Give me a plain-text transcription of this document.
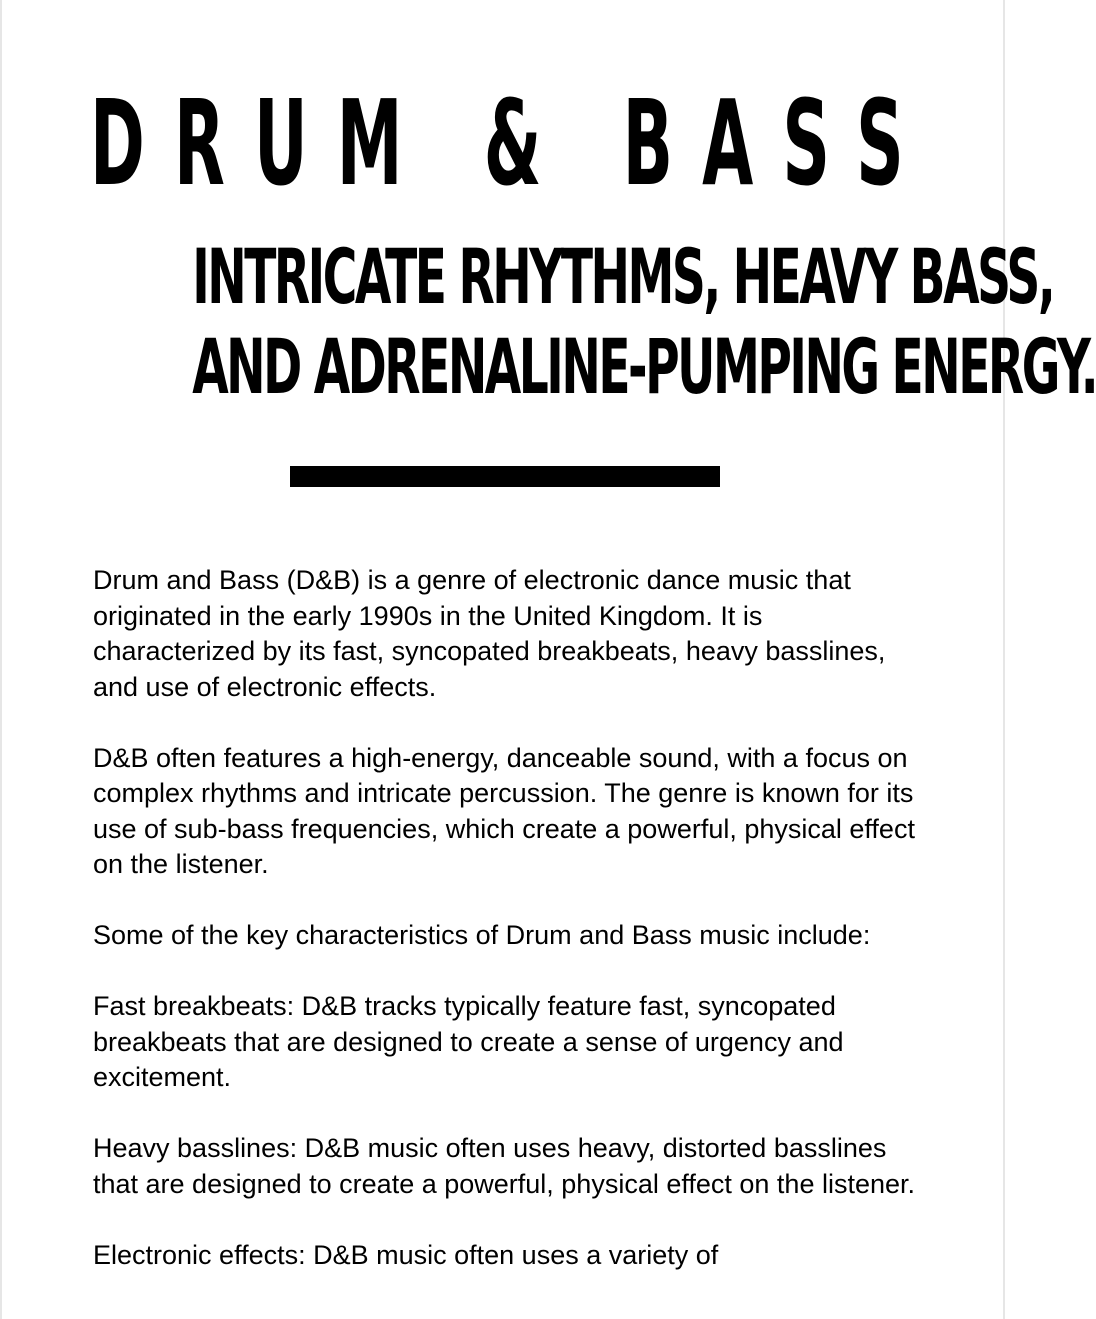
DRUM & BASS
INTRICATE RHYTHMS, HEAVY BASS,
AND ADRENALINE-PUMPING ENERGY.

Drum and Bass (D&B) is a genre of electronic dance music that originated in the early 1990s in the United Kingdom. It is characterized by its fast, syncopated breakbeats, heavy basslines, and use of electronic effects.

D&B often features a high-energy, danceable sound, with a focus on complex rhythms and intricate percussion. The genre is known for its use of sub-bass frequencies, which create a powerful, physical effect on the listener.

Some of the key characteristics of Drum and Bass music include:

Fast breakbeats: D&B tracks typically feature fast, syncopated breakbeats that are designed to create a sense of urgency and excitement.

Heavy basslines: D&B music often uses heavy, distorted basslines that are designed to create a powerful, physical effect on the listener.

Electronic effects: D&B music often uses a variety of
